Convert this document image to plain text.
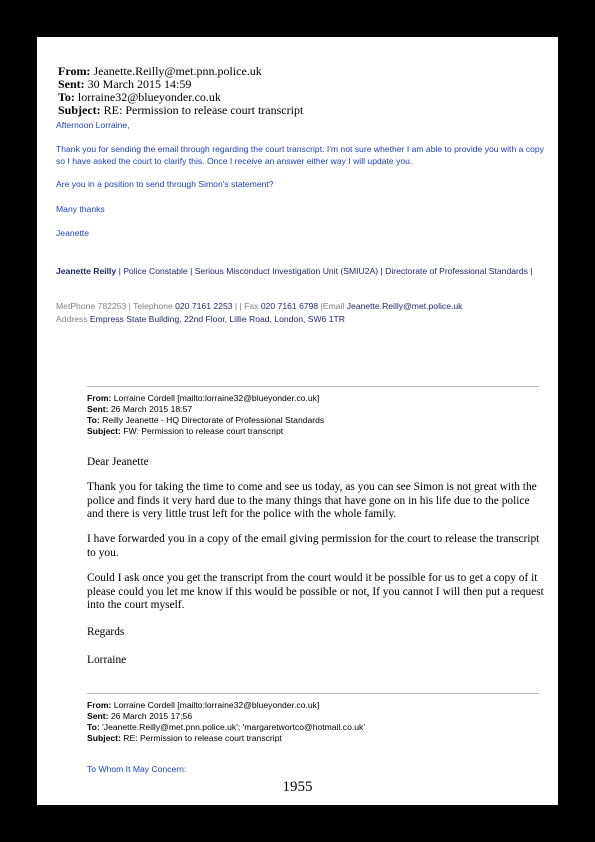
From: Jeanette.Reilly@met.pnn.police.uk
Sent: 30 March 2015 14:59
To: lorraine32@blueyonder.co.uk
Subject: RE: Permission to release court transcript
Afternoon Lorraine,
Thank you for sending the email through regarding the court transcript. I'm not sure whether I am able to provide you with a copy so I have asked the court to clarify this. Once I receive an answer either way I will update you.
Are you in a position to send through Simon's statement?
Many thanks
Jeanette
Jeanette Reilly | Police Constable | Serious Misconduct Investigation Unit (SMIU2A) | Directorate of Professional Standards |
MetPhone 782253 | Telephone 020 7161 2253 | | Fax 020 7161 6798 |Email Jeanette.Reilly@met.police.uk
Address Empress State Building, 22nd Floor, Lillie Road, London, SW6 1TR
From: Lorraine Cordell [mailto:lorraine32@blueyonder.co.uk]
Sent: 26 March 2015 18:57
To: Reilly Jeanette - HQ Directorate of Professional Standards
Subject: FW: Permission to release court transcript
Dear Jeanette
Thank you for taking the time to come and see us today, as you can see Simon is not great with the police and finds it very hard due to the many things that have gone on in his life due to the police and there is very little trust left for the police with the whole family.
I have forwarded you in a copy of the email giving permission for the court to release the transcript to you.
Could I ask once you get the transcript from the court would it be possible for us to get a copy of it please could you let me know if this would be possible or not, If you cannot I will then put a request into the court myself.
Regards
Lorraine
From: Lorraine Cordell [mailto:lorraine32@blueyonder.co.uk]
Sent: 26 March 2015 17:56
To: 'Jeanette.Reilly@met.pnn.police.uk'; 'margaretwortco@hotmail.co.uk'
Subject: RE: Permission to release court transcript
To Whom It May Concern:
1955
